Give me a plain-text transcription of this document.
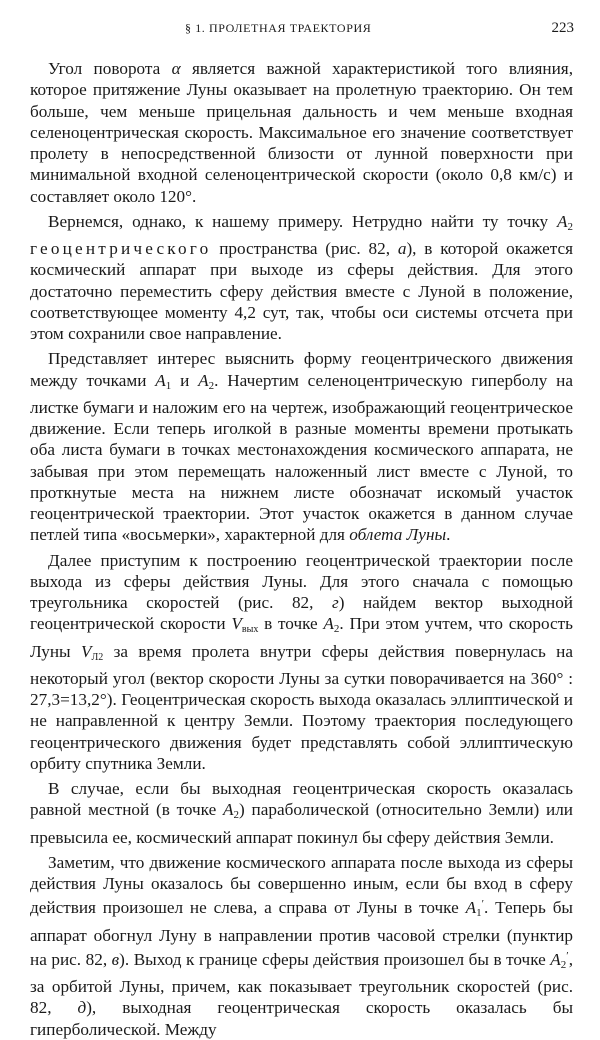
§ 1. ПРОЛЕТНАЯ ТРАЕКТОРИЯ	223

Угол поворота α является важной характеристикой того влияния, которое притяжение Луны оказывает на пролетную траекторию. Он тем больше, чем меньше прицельная дальность и чем меньше входная селеноцентрическая скорость. Максимальное его значение соответствует пролету в непосредственной близости от лунной поверхности при минимальной входной селеноцентрической скорости (около 0,8 км/с) и составляет около 120°.

Вернемся, однако, к нашему примеру. Нетрудно найти ту точку $A_2$ геоцентрического пространства (рис. 82, а), в которой окажется космический аппарат при выходе из сферы действия. Для этого достаточно переместить сферу действия вместе с Луной в положение, соответствующее моменту 4,2 сут, так, чтобы оси системы отсчета при этом сохранили свое направление.

Представляет интерес выяснить форму геоцентрического движения между точками $A_1$ и $A_2$. Начертим селеноцентрическую гиперболу на листке бумаги и наложим его на чертеж, изображающий геоцентрическое движение. Если теперь иголкой в разные моменты времени протыкать оба листа бумаги в точках местонахождения космического аппарата, не забывая при этом перемещать наложенный лист вместе с Луной, то проткнутые места на нижнем листе обозначат искомый участок геоцентрической траектории. Этот участок окажется в данном случае петлей типа «восьмерки», характерной для облета Луны.

Далее приступим к построению геоцентрической траектории после выхода из сферы действия Луны. Для этого сначала с помощью треугольника скоростей (рис. 82, г) найдем вектор выходной геоцентрической скорости Vвых в точке $A_2$. При этом учтем, что скорость Луны VЛ2 за время пролета внутри сферы действия повернулась на некоторый угол (вектор скорости Луны за сутки поворачивается на 360° : 27,3=13,2°). Геоцентрическая скорость выхода оказалась эллиптической и не направленной к центру Земли. Поэтому траектория последующего геоцентрического движения будет представлять собой эллиптическую орбиту спутника Земли.

В случае, если бы выходная геоцентрическая скорость оказалась равной местной (в точке $A_2$) параболической (относительно Земли) или превысила ее, космический аппарат покинул бы сферу действия Земли.

Заметим, что движение космического аппарата после выхода из сферы действия Луны оказалось бы совершенно иным, если бы вход в сферу действия произошел не слева, а справа от Луны в точке $A_1'$. Теперь бы аппарат обогнул Луну в направлении против часовой стрелки (пунктир на рис. 82, в). Выход к границе сферы действия произошел бы в точке $A_2'$, за орбитой Луны, причем, как показывает треугольник скоростей (рис. 82, д), выходная геоцентрическая скорость оказалась бы гиперболической. Между
